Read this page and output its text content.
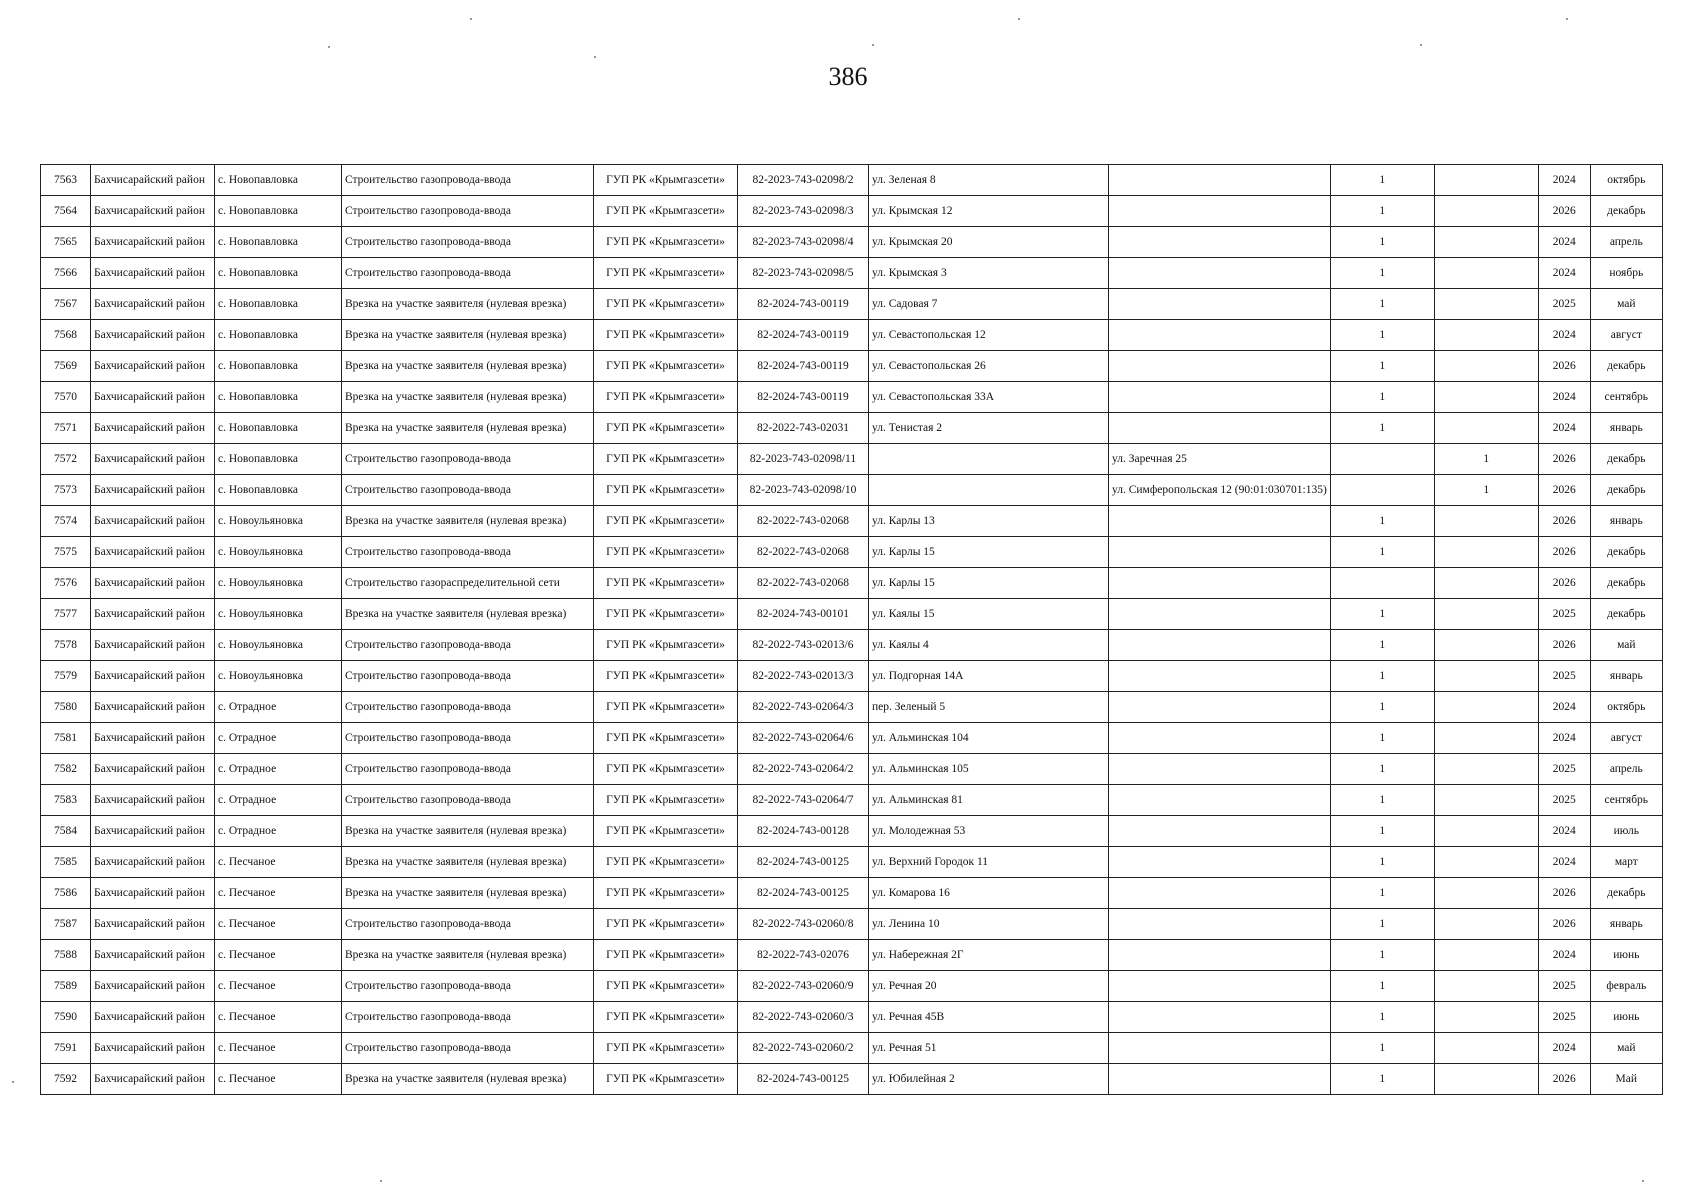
386
7563	Бахчисарайский район	с. Новопавловка	Строительство газопровода-ввода	ГУП РК «Крымгазсети»	82-2023-743-02098/2	ул. Зеленая 8		1		2024	октябрь
7564	Бахчисарайский район	с. Новопавловка	Строительство газопровода-ввода	ГУП РК «Крымгазсети»	82-2023-743-02098/3	ул. Крымская 12		1		2026	декабрь
7565	Бахчисарайский район	с. Новопавловка	Строительство газопровода-ввода	ГУП РК «Крымгазсети»	82-2023-743-02098/4	ул. Крымская 20		1		2024	апрель
7566	Бахчисарайский район	с. Новопавловка	Строительство газопровода-ввода	ГУП РК «Крымгазсети»	82-2023-743-02098/5	ул. Крымская 3		1		2024	ноябрь
7567	Бахчисарайский район	с. Новопавловка	Врезка на участке заявителя (нулевая врезка)	ГУП РК «Крымгазсети»	82-2024-743-00119	ул. Садовая 7		1		2025	май
7568	Бахчисарайский район	с. Новопавловка	Врезка на участке заявителя (нулевая врезка)	ГУП РК «Крымгазсети»	82-2024-743-00119	ул. Севастопольская 12		1		2024	август
7569	Бахчисарайский район	с. Новопавловка	Врезка на участке заявителя (нулевая врезка)	ГУП РК «Крымгазсети»	82-2024-743-00119	ул. Севастопольская 26		1		2026	декабрь
7570	Бахчисарайский район	с. Новопавловка	Врезка на участке заявителя (нулевая врезка)	ГУП РК «Крымгазсети»	82-2024-743-00119	ул. Севастопольская 33А		1		2024	сентябрь
7571	Бахчисарайский район	с. Новопавловка	Врезка на участке заявителя (нулевая врезка)	ГУП РК «Крымгазсети»	82-2022-743-02031	ул. Тенистая 2		1		2024	январь
7572	Бахчисарайский район	с. Новопавловка	Строительство газопровода-ввода	ГУП РК «Крымгазсети»	82-2023-743-02098/11		ул. Заречная 25		1	2026	декабрь
7573	Бахчисарайский район	с. Новопавловка	Строительство газопровода-ввода	ГУП РК «Крымгазсети»	82-2023-743-02098/10		ул. Симферопольская 12 (90:01:030701:135)		1	2026	декабрь
7574	Бахчисарайский район	с. Новоульяновка	Врезка на участке заявителя (нулевая врезка)	ГУП РК «Крымгазсети»	82-2022-743-02068	ул. Карлы 13		1		2026	январь
7575	Бахчисарайский район	с. Новоульяновка	Строительство газопровода-ввода	ГУП РК «Крымгазсети»	82-2022-743-02068	ул. Карлы 15		1		2026	декабрь
7576	Бахчисарайский район	с. Новоульяновка	Строительство газораспределительной сети	ГУП РК «Крымгазсети»	82-2022-743-02068	ул. Карлы 15				2026	декабрь
7577	Бахчисарайский район	с. Новоульяновка	Врезка на участке заявителя (нулевая врезка)	ГУП РК «Крымгазсети»	82-2024-743-00101	ул. Каялы 15		1		2025	декабрь
7578	Бахчисарайский район	с. Новоульяновка	Строительство газопровода-ввода	ГУП РК «Крымгазсети»	82-2022-743-02013/6	ул. Каялы 4		1		2026	май
7579	Бахчисарайский район	с. Новоульяновка	Строительство газопровода-ввода	ГУП РК «Крымгазсети»	82-2022-743-02013/3	ул. Подгорная 14А		1		2025	январь
7580	Бахчисарайский район	с. Отрадное	Строительство газопровода-ввода	ГУП РК «Крымгазсети»	82-2022-743-02064/3	пер. Зеленый 5		1		2024	октябрь
7581	Бахчисарайский район	с. Отрадное	Строительство газопровода-ввода	ГУП РК «Крымгазсети»	82-2022-743-02064/6	ул. Альминская 104		1		2024	август
7582	Бахчисарайский район	с. Отрадное	Строительство газопровода-ввода	ГУП РК «Крымгазсети»	82-2022-743-02064/2	ул. Альминская 105		1		2025	апрель
7583	Бахчисарайский район	с. Отрадное	Строительство газопровода-ввода	ГУП РК «Крымгазсети»	82-2022-743-02064/7	ул. Альминская 81		1		2025	сентябрь
7584	Бахчисарайский район	с. Отрадное	Врезка на участке заявителя (нулевая врезка)	ГУП РК «Крымгазсети»	82-2024-743-00128	ул. Молодежная 53		1		2024	июль
7585	Бахчисарайский район	с. Песчаное	Врезка на участке заявителя (нулевая врезка)	ГУП РК «Крымгазсети»	82-2024-743-00125	ул. Верхний Городок 11		1		2024	март
7586	Бахчисарайский район	с. Песчаное	Врезка на участке заявителя (нулевая врезка)	ГУП РК «Крымгазсети»	82-2024-743-00125	ул. Комарова 16		1		2026	декабрь
7587	Бахчисарайский район	с. Песчаное	Строительство газопровода-ввода	ГУП РК «Крымгазсети»	82-2022-743-02060/8	ул. Ленина 10		1		2026	январь
7588	Бахчисарайский район	с. Песчаное	Врезка на участке заявителя (нулевая врезка)	ГУП РК «Крымгазсети»	82-2022-743-02076	ул. Набережная 2Г		1		2024	июнь
7589	Бахчисарайский район	с. Песчаное	Строительство газопровода-ввода	ГУП РК «Крымгазсети»	82-2022-743-02060/9	ул. Речная 20		1		2025	февраль
7590	Бахчисарайский район	с. Песчаное	Строительство газопровода-ввода	ГУП РК «Крымгазсети»	82-2022-743-02060/3	ул. Речная 45В		1		2025	июнь
7591	Бахчисарайский район	с. Песчаное	Строительство газопровода-ввода	ГУП РК «Крымгазсети»	82-2022-743-02060/2	ул. Речная 51		1		2024	май
7592	Бахчисарайский район	с. Песчаное	Врезка на участке заявителя (нулевая врезка)	ГУП РК «Крымгазсети»	82-2024-743-00125	ул. Юбилейная 2		1		2026	Май
